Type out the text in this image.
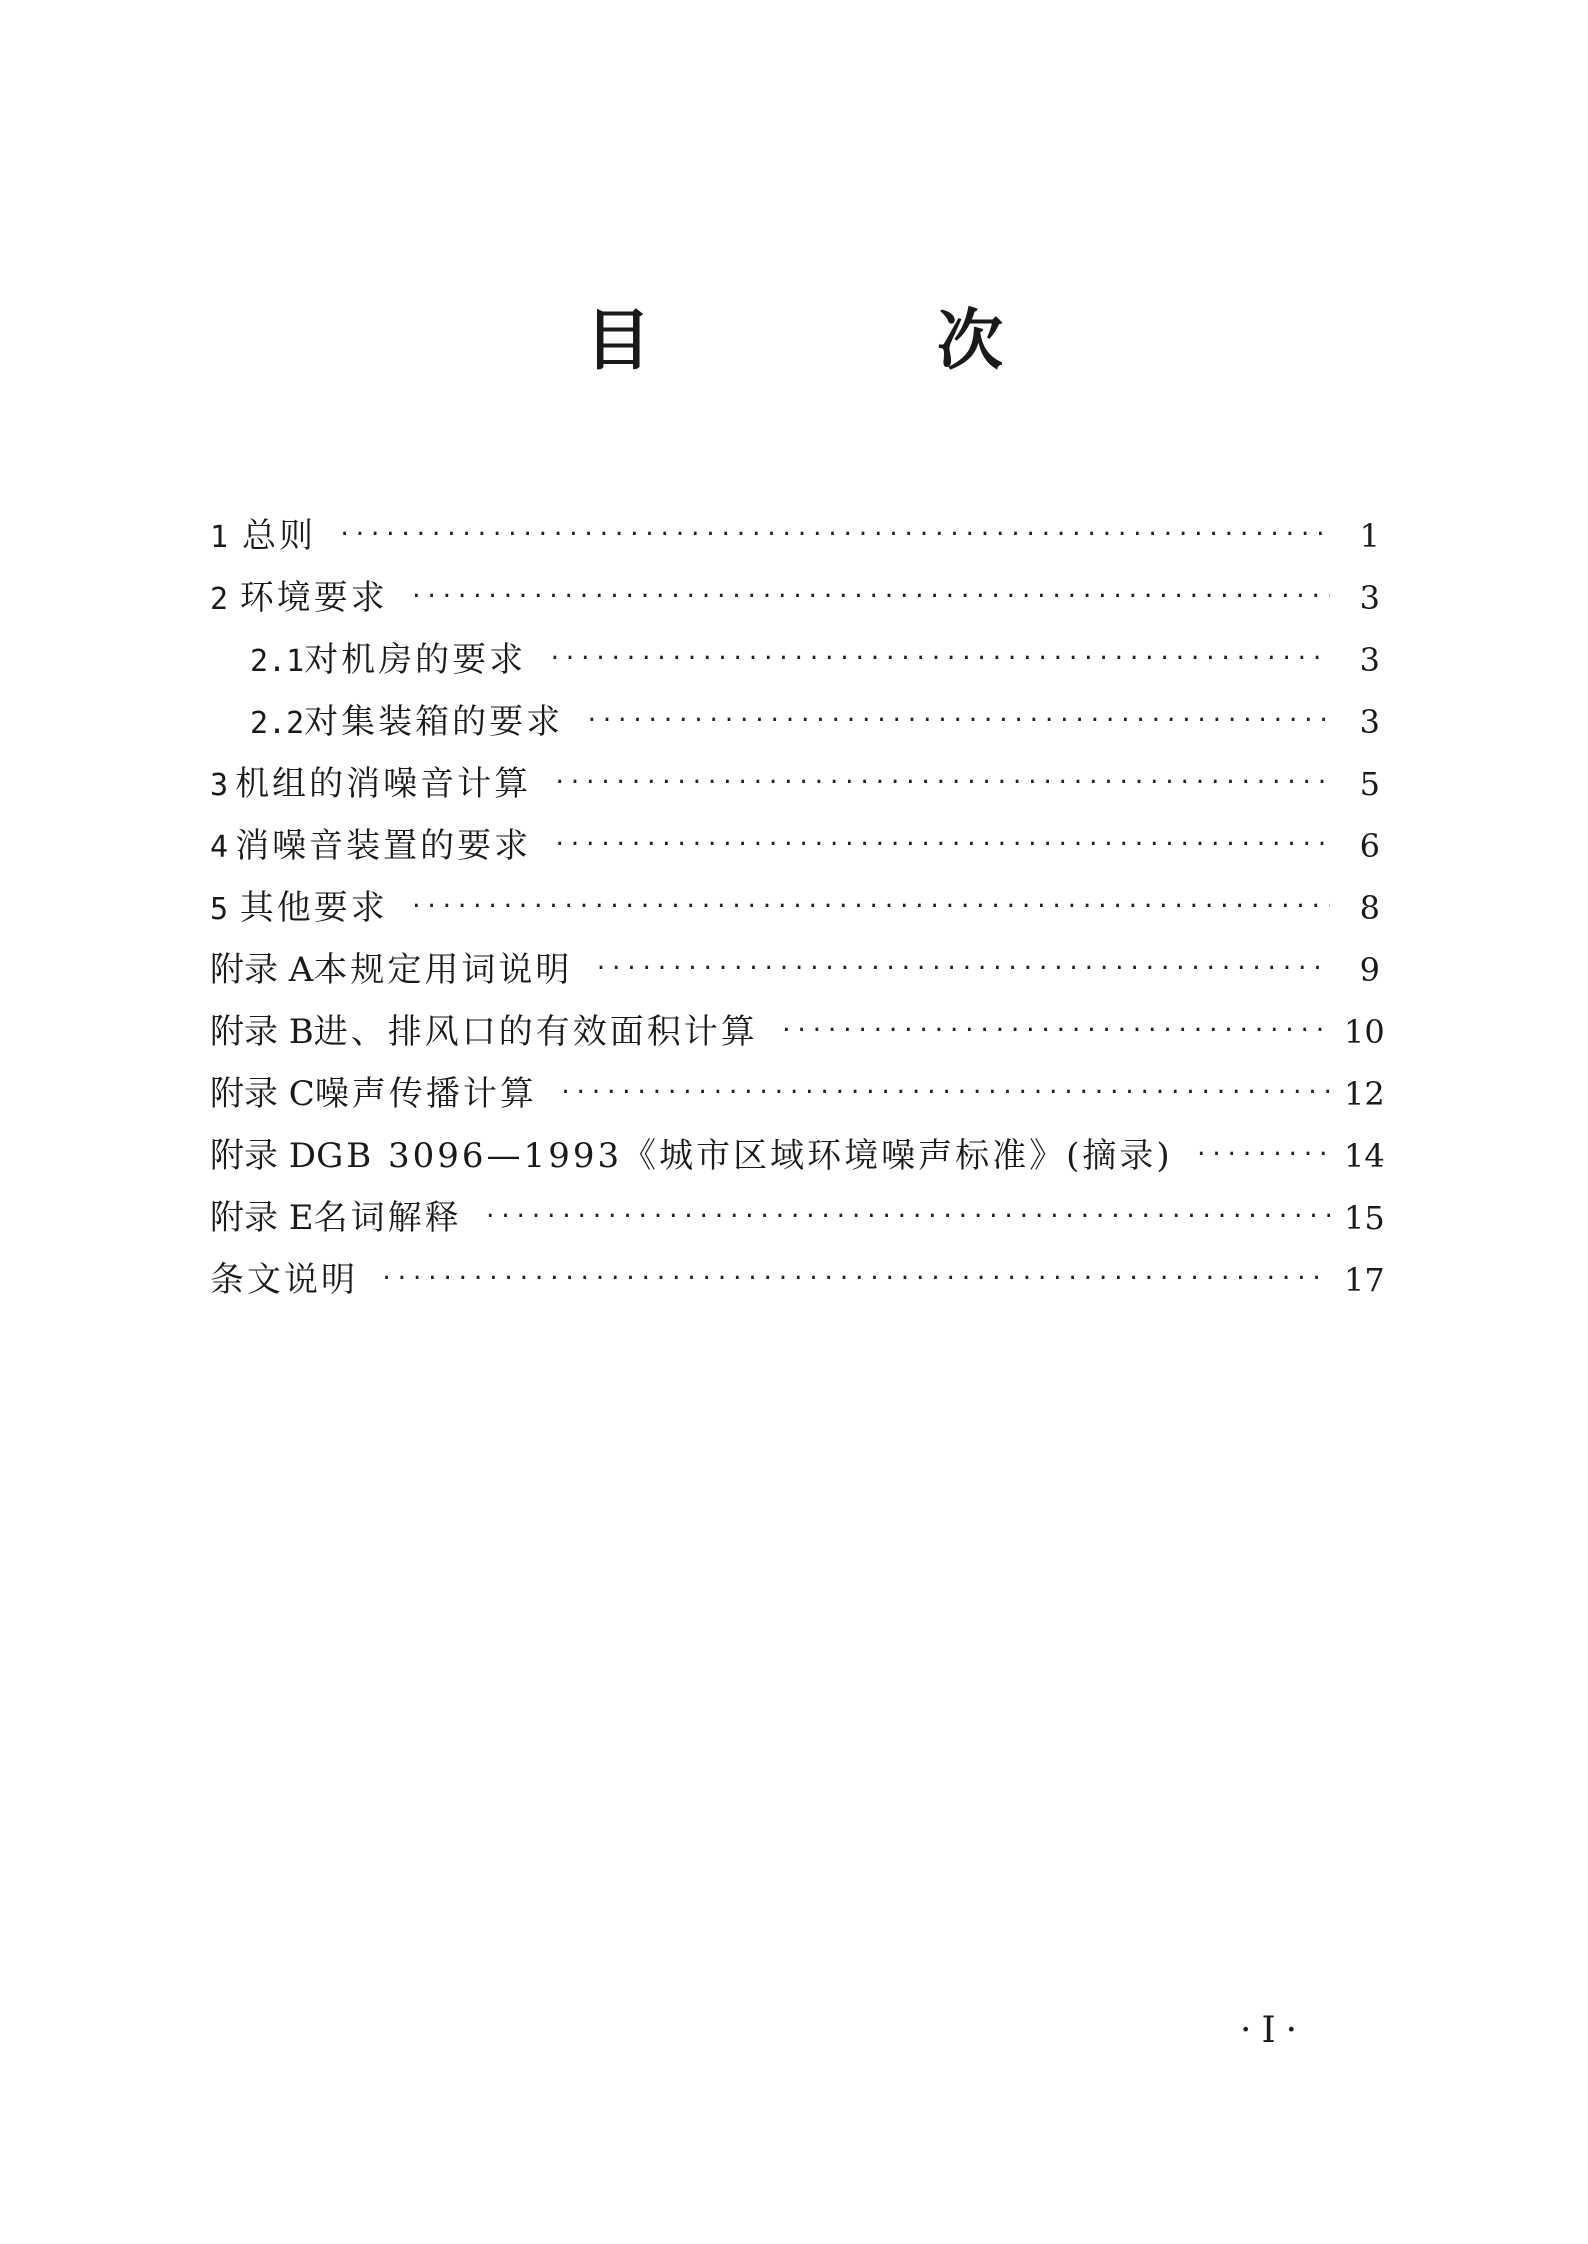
目　次
1 总则 ·····	1
2 环境要求 ·····	3
2.1 对机房的要求 ·····	3
2.2 对集装箱的要求 ·····	3
3 机组的消噪音计算 ·····	5
4 消噪音装置的要求 ·····	6
5 其他要求 ·····	8
附录 A 本规定用词说明 ·····	9
附录 B 进、排风口的有效面积计算 ·····	10
附录 C 噪声传播计算 ·····	12
附录 D GB 3096—1993《城市区域环境噪声标准》(摘录) ·····	14
附录 E 名词解释 ·····	15
条文说明 ·····	17
·I·
